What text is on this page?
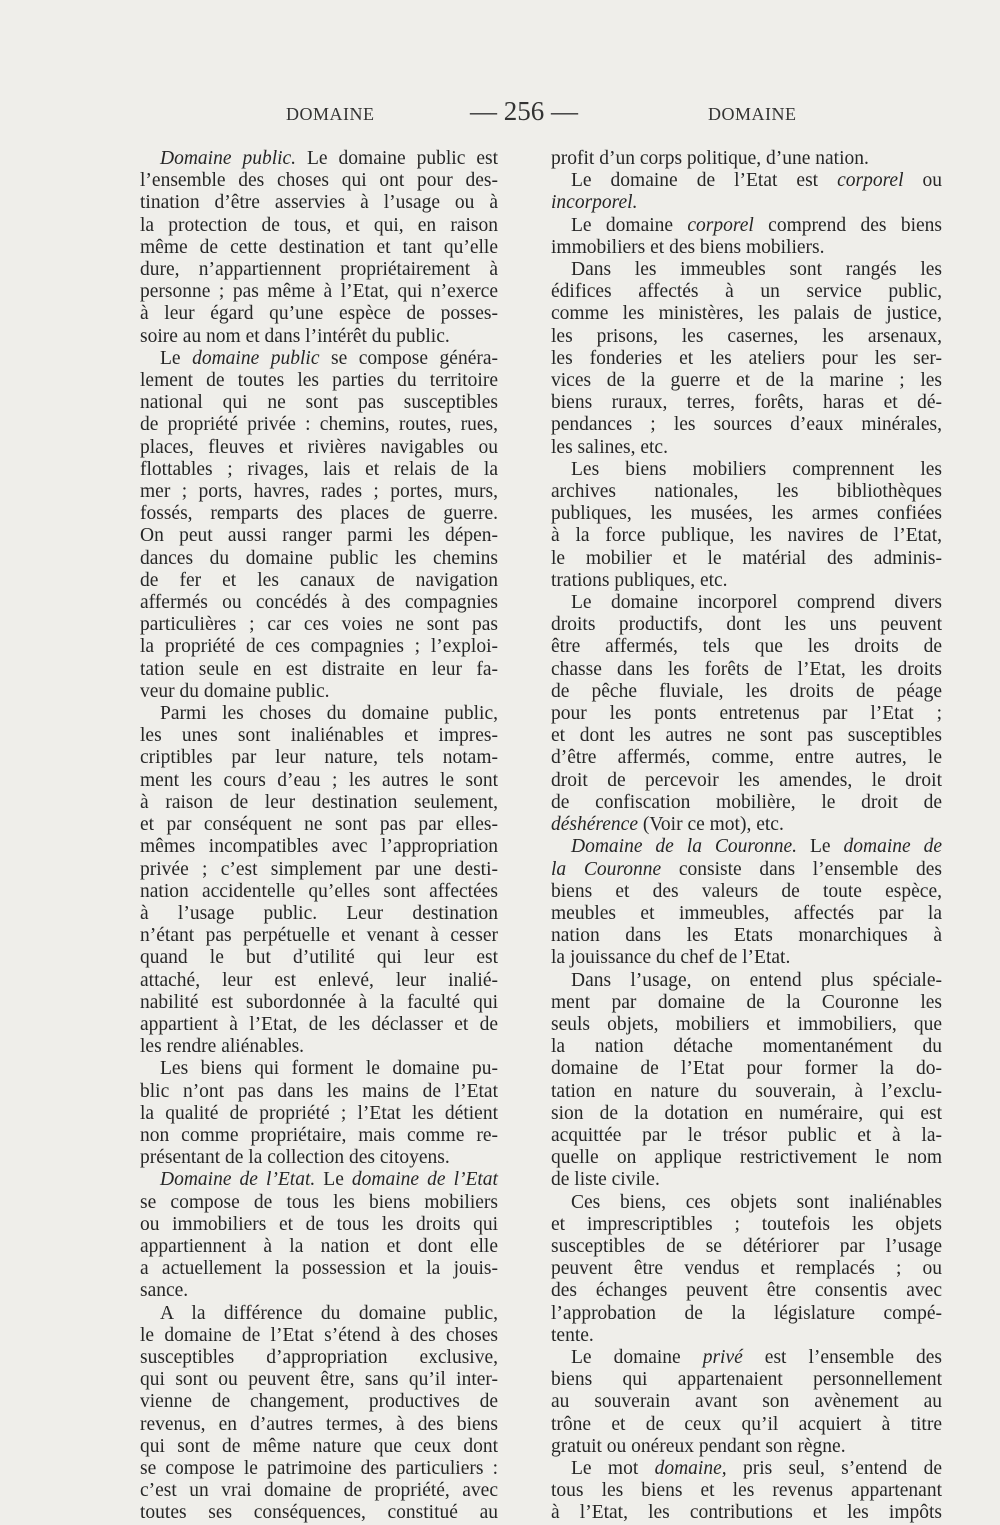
DOMAINE	— 256 —	DOMAINE
Domaine public. Le domaine public est
l’ensemble des choses qui ont pour des-
tination d’être asservies à l’usage ou à
la protection de tous, et qui, en raison
même de cette destination et tant qu’elle
dure, n’appartiennent propriétairement à
personne ; pas même à l’Etat, qui n’exerce
à leur égard qu’une espèce de posses-
soire au nom et dans l’intérêt du public.
Le domaine public se compose généra-
lement de toutes les parties du territoire
national qui ne sont pas susceptibles
de propriété privée : chemins, routes, rues,
places, fleuves et rivières navigables ou
flottables ; rivages, lais et relais de la
mer ; ports, havres, rades ; portes, murs,
fossés, remparts des places de guerre.
On peut aussi ranger parmi les dépen-
dances du domaine public les chemins
de fer et les canaux de navigation
affermés ou concédés à des compagnies
particulières ; car ces voies ne sont pas
la propriété de ces compagnies ; l’exploi-
tation seule en est distraite en leur fa-
veur du domaine public.
Parmi les choses du domaine public,
les unes sont inaliénables et impres-
criptibles par leur nature, tels notam-
ment les cours d’eau ; les autres le sont
à raison de leur destination seulement,
et par conséquent ne sont pas par elles-
mêmes incompatibles avec l’appropriation
privée ; c’est simplement par une desti-
nation accidentelle qu’elles sont affectées
à l’usage public. Leur destination
n’étant pas perpétuelle et venant à cesser
quand le but d’utilité qui leur est
attaché, leur est enlevé, leur inalié-
nabilité est subordonnée à la faculté qui
appartient à l’Etat, de les déclasser et de
les rendre aliénables.
Les biens qui forment le domaine pu-
blic n’ont pas dans les mains de l’Etat
la qualité de propriété ; l’Etat les détient
non comme propriétaire, mais comme re-
présentant de la collection des citoyens.
Domaine de l’Etat. Le domaine de l’Etat
se compose de tous les biens mobiliers
ou immobiliers et de tous les droits qui
appartiennent à la nation et dont elle
a actuellement la possession et la jouis-
sance.
A la différence du domaine public,
le domaine de l’Etat s’étend à des choses
susceptibles d’appropriation exclusive,
qui sont ou peuvent être, sans qu’il inter-
vienne de changement, productives de
revenus, en d’autres termes, à des biens
qui sont de même nature que ceux dont
se compose le patrimoine des particuliers :
c’est un vrai domaine de propriété, avec
toutes ses conséquences, constitué au
profit d’un corps politique, d’une nation.
Le domaine de l’Etat est corporel ou
incorporel.
Le domaine corporel comprend des biens
immobiliers et des biens mobiliers.
Dans les immeubles sont rangés les
édifices affectés à un service public,
comme les ministères, les palais de justice,
les prisons, les casernes, les arsenaux,
les fonderies et les ateliers pour les ser-
vices de la guerre et de la marine ; les
biens ruraux, terres, forêts, haras et dé-
pendances ; les sources d’eaux minérales,
les salines, etc.
Les biens mobiliers comprennent les
archives nationales, les bibliothèques
publiques, les musées, les armes confiées
à la force publique, les navires de l’Etat,
le mobilier et le matérial des adminis-
trations publiques, etc.
Le domaine incorporel comprend divers
droits productifs, dont les uns peuvent
être affermés, tels que les droits de
chasse dans les forêts de l’Etat, les droits
de pêche fluviale, les droits de péage
pour les ponts entretenus par l’Etat ;
et dont les autres ne sont pas susceptibles
d’être affermés, comme, entre autres, le
droit de percevoir les amendes, le droit
de confiscation mobilière, le droit de
déshérence (Voir ce mot), etc.
Domaine de la Couronne. Le domaine de
la Couronne consiste dans l’ensemble des
biens et des valeurs de toute espèce,
meubles et immeubles, affectés par la
nation dans les Etats monarchiques à
la jouissance du chef de l’Etat.
Dans l’usage, on entend plus spéciale-
ment par domaine de la Couronne les
seuls objets, mobiliers et immobiliers, que
la nation détache momentanément du
domaine de l’Etat pour former la do-
tation en nature du souverain, à l’exclu-
sion de la dotation en numéraire, qui est
acquittée par le trésor public et à la-
quelle on applique restrictivement le nom
de liste civile.
Ces biens, ces objets sont inaliénables
et imprescriptibles ; toutefois les objets
susceptibles de se détériorer par l’usage
peuvent être vendus et remplacés ; ou
des échanges peuvent être consentis avec
l’approbation de la législature compé-
tente.
Le domaine privé est l’ensemble des
biens qui appartenaient personnellement
au souverain avant son avènement au
trône et de ceux qu’il acquiert à titre
gratuit ou onéreux pendant son règne.
Le mot domaine, pris seul, s’entend de
tous les biens et les revenus appartenant
à l’Etat, les contributions et les impôts
